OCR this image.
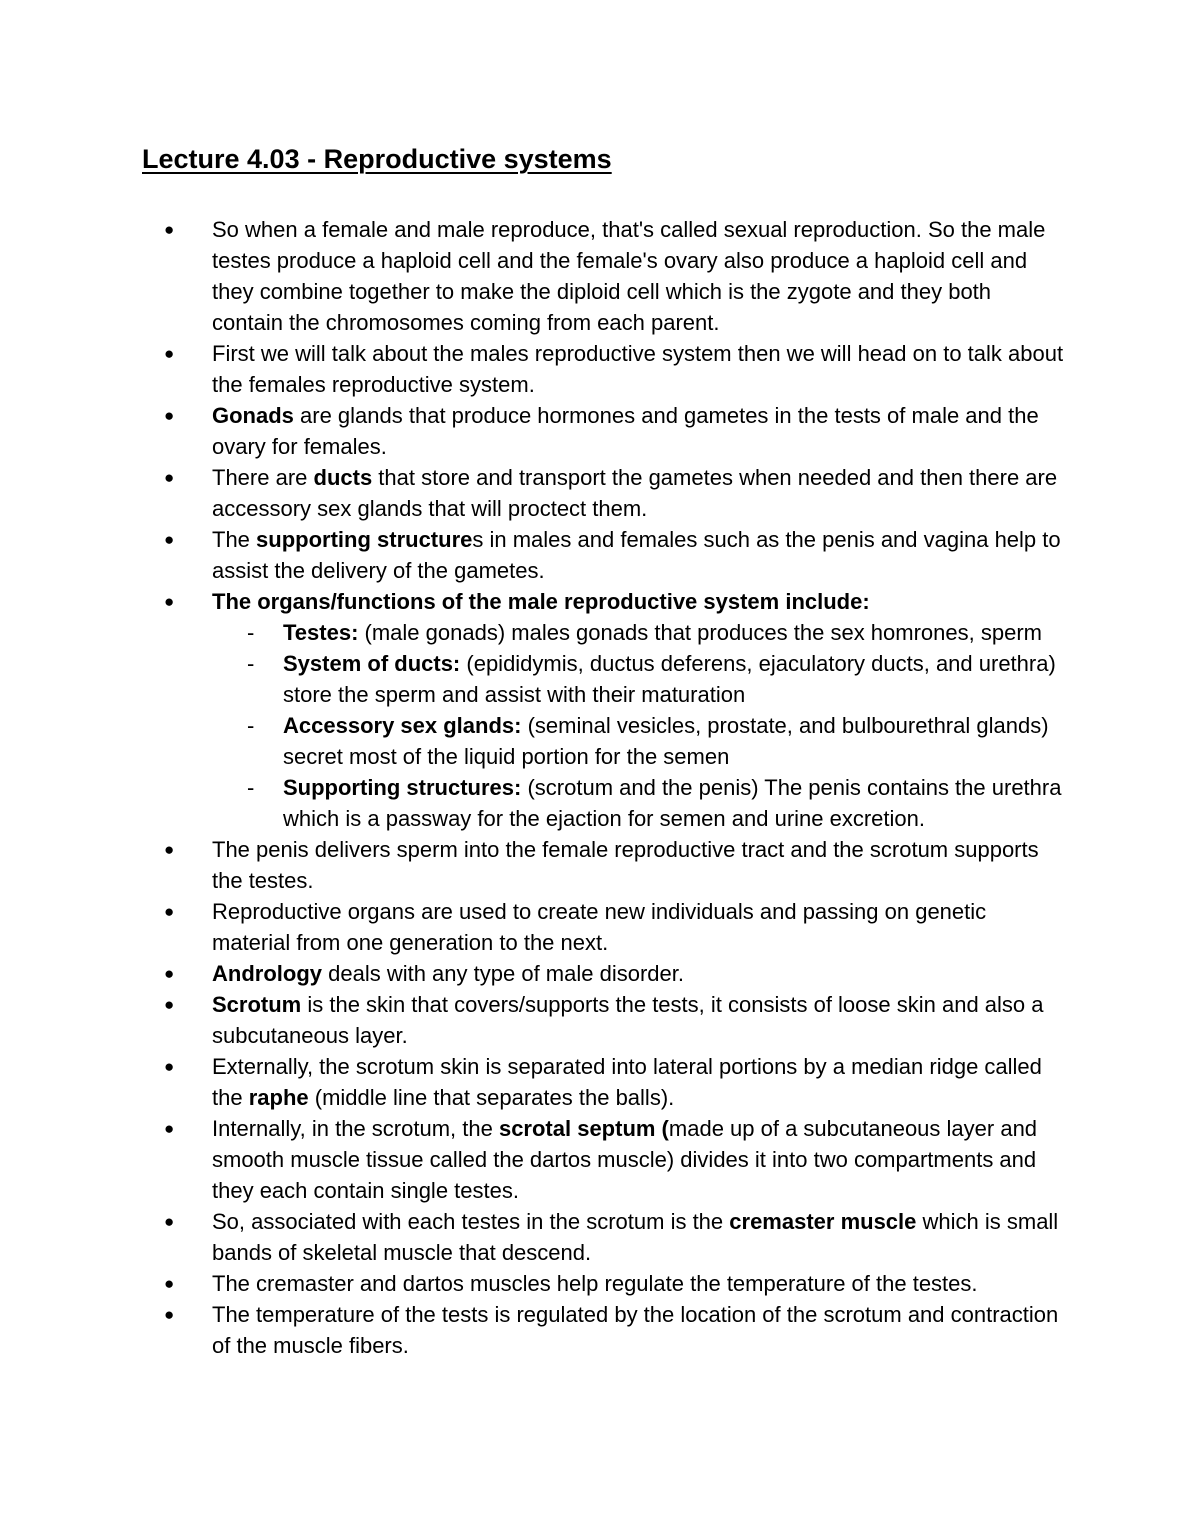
Lecture 4.03 - Reproductive systems
●	So when a female and male reproduce, that's called sexual reproduction. So the male testes produce a haploid cell and the female's ovary also produce a haploid cell and they combine together to make the diploid cell which is the zygote and they both contain the chromosomes coming from each parent.
●	First we will talk about the males reproductive system then we will head on to talk about the females reproductive system.
●	Gonads are glands that produce hormones and gametes in the tests of male and the ovary for females.
●	There are ducts that store and transport the gametes when needed and then there are accessory sex glands that will proctect them.
●	The supporting structures in males and females such as the penis and vagina help to assist the delivery of the gametes.
●	The organs/functions of the male reproductive system include:
- Testes: (male gonads) males gonads that produces the sex homrones, sperm
- System of ducts: (epididymis, ductus deferens, ejaculatory ducts, and urethra) store the sperm and assist with their maturation
- Accessory sex glands: (seminal vesicles, prostate, and bulbourethral glands) secret most of the liquid portion for the semen
- Supporting structures: (scrotum and the penis) The penis contains the urethra which is a passway for the ejaction for semen and urine excretion.
●	The penis delivers sperm into the female reproductive tract and the scrotum supports the testes.
●	Reproductive organs are used to create new individuals and passing on genetic material from one generation to the next.
●	Andrology deals with any type of male disorder.
●	Scrotum is the skin that covers/supports the tests, it consists of loose skin and also a subcutaneous layer.
●	Externally, the scrotum skin is separated into lateral portions by a median ridge called the raphe (middle line that separates the balls).
●	Internally, in the scrotum, the scrotal septum (made up of a subcutaneous layer and smooth muscle tissue called the dartos muscle) divides it into two compartments and they each contain single testes.
●	So, associated with each testes in the scrotum is the cremaster muscle which is small bands of skeletal muscle that descend.
●	The cremaster and dartos muscles help regulate the temperature of the testes.
●	The temperature of the tests is regulated by the location of the scrotum and contraction of the muscle fibers.
